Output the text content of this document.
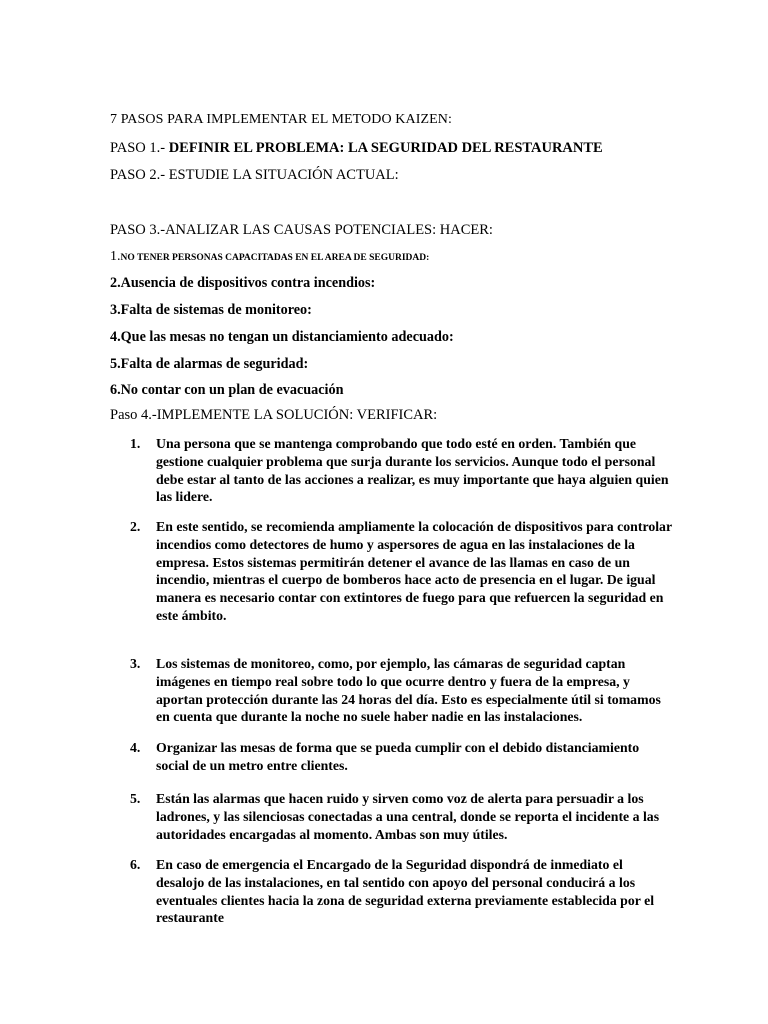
7 PASOS PARA IMPLEMENTAR EL METODO KAIZEN:
PASO 1.- DEFINIR EL PROBLEMA: LA SEGURIDAD DEL RESTAURANTE
PASO 2.- ESTUDIE LA SITUACIÓN ACTUAL:
PASO 3.-ANALIZAR LAS CAUSAS POTENCIALES: HACER:
1.NO TENER PERSONAS CAPACITADAS EN EL AREA DE SEGURIDAD:
2.Ausencia de dispositivos contra incendios:
3.Falta de sistemas de monitoreo:
4.Que las mesas no tengan un distanciamiento adecuado:
5.Falta de alarmas de seguridad:
6.No contar con un plan de evacuación
Paso 4.-IMPLEMENTE LA SOLUCIÓN: VERIFICAR:
1.	Una persona que se mantenga comprobando que todo esté en orden. También que gestione cualquier problema que surja durante los servicios. Aunque todo el personal debe estar al tanto de las acciones a realizar, es muy importante que haya alguien quien las lidere.
2.	En este sentido, se recomienda ampliamente la colocación de dispositivos para controlar incendios como detectores de humo y aspersores de agua en las instalaciones de la empresa. Estos sistemas permitirán detener el avance de las llamas en caso de un incendio, mientras el cuerpo de bomberos hace acto de presencia en el lugar. De igual manera es necesario contar con extintores de fuego para que refuercen la seguridad en este ámbito.
3.	Los sistemas de monitoreo, como, por ejemplo, las cámaras de seguridad captan imágenes en tiempo real sobre todo lo que ocurre dentro y fuera de la empresa, y aportan protección durante las 24 horas del día. Esto es especialmente útil si tomamos en cuenta que durante la noche no suele haber nadie en las instalaciones.
4.	Organizar las mesas de forma que se pueda cumplir con el debido distanciamiento social de un metro entre clientes.
5.	Están las alarmas que hacen ruido y sirven como voz de alerta para persuadir a los ladrones, y las silenciosas conectadas a una central, donde se reporta el incidente a las autoridades encargadas al momento. Ambas son muy útiles.
6.	En caso de emergencia el Encargado de la Seguridad dispondrá de inmediato el desalojo de las instalaciones, en tal sentido con apoyo del personal conducirá a los eventuales clientes hacia la zona de seguridad externa previamente establecida por el restaurante
